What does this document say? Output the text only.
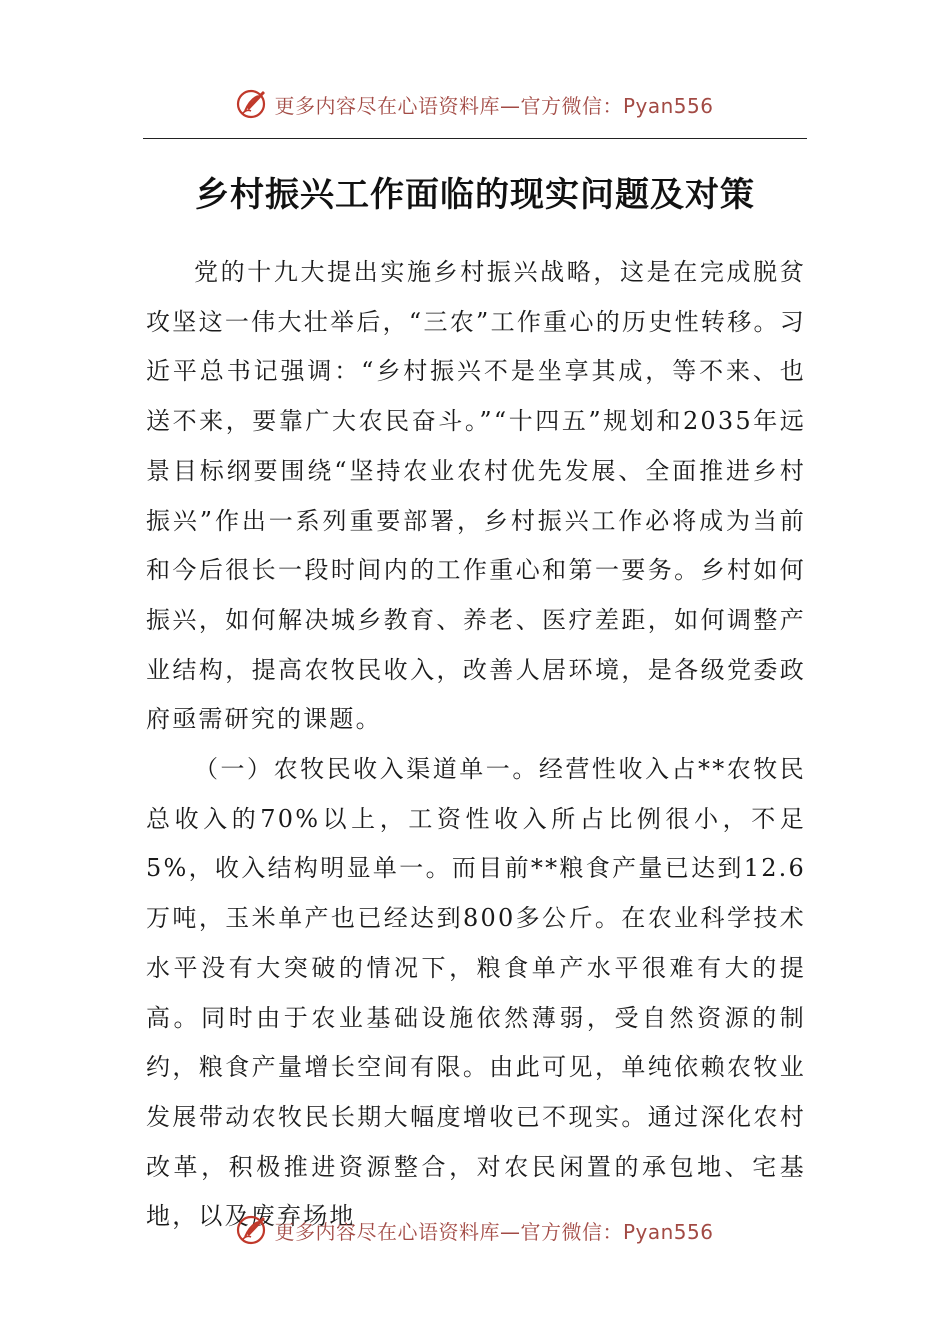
更多内容尽在心语资料库—官方微信：Pyan556
乡村振兴工作面临的现实问题及对策

党的十九大提出实施乡村振兴战略，这是在完成脱贫攻坚这一伟大壮举后，“三农”工作重心的历史性转移。习近平总书记强调：“乡村振兴不是坐享其成，等不来、也送不来，要靠广大农民奋斗。”“十四五”规划和2035年远景目标纲要围绕“坚持农业农村优先发展、全面推进乡村振兴”作出一系列重要部署，乡村振兴工作必将成为当前和今后很长一段时间内的工作重心和第一要务。乡村如何振兴，如何解决城乡教育、养老、医疗差距，如何调整产业结构，提高农牧民收入，改善人居环境，是各级党委政府亟需研究的课题。

（一）农牧民收入渠道单一。经营性收入占**农牧民总收入的70%以上，工资性收入所占比例很小，不足5%，收入结构明显单一。而目前**粮食产量已达到12.6万吨，玉米单产也已经达到800多公斤。在农业科学技术水平没有大突破的情况下，粮食单产水平很难有大的提高。同时由于农业基础设施依然薄弱，受自然资源的制约，粮食产量增长空间有限。由此可见，单纯依赖农牧业发展带动农牧民长期大幅度增收已不现实。通过深化农村改革，积极推进资源整合，对农民闲置的承包地、宅基地，以及废弃场地

更多内容尽在心语资料库—官方微信：Pyan556
